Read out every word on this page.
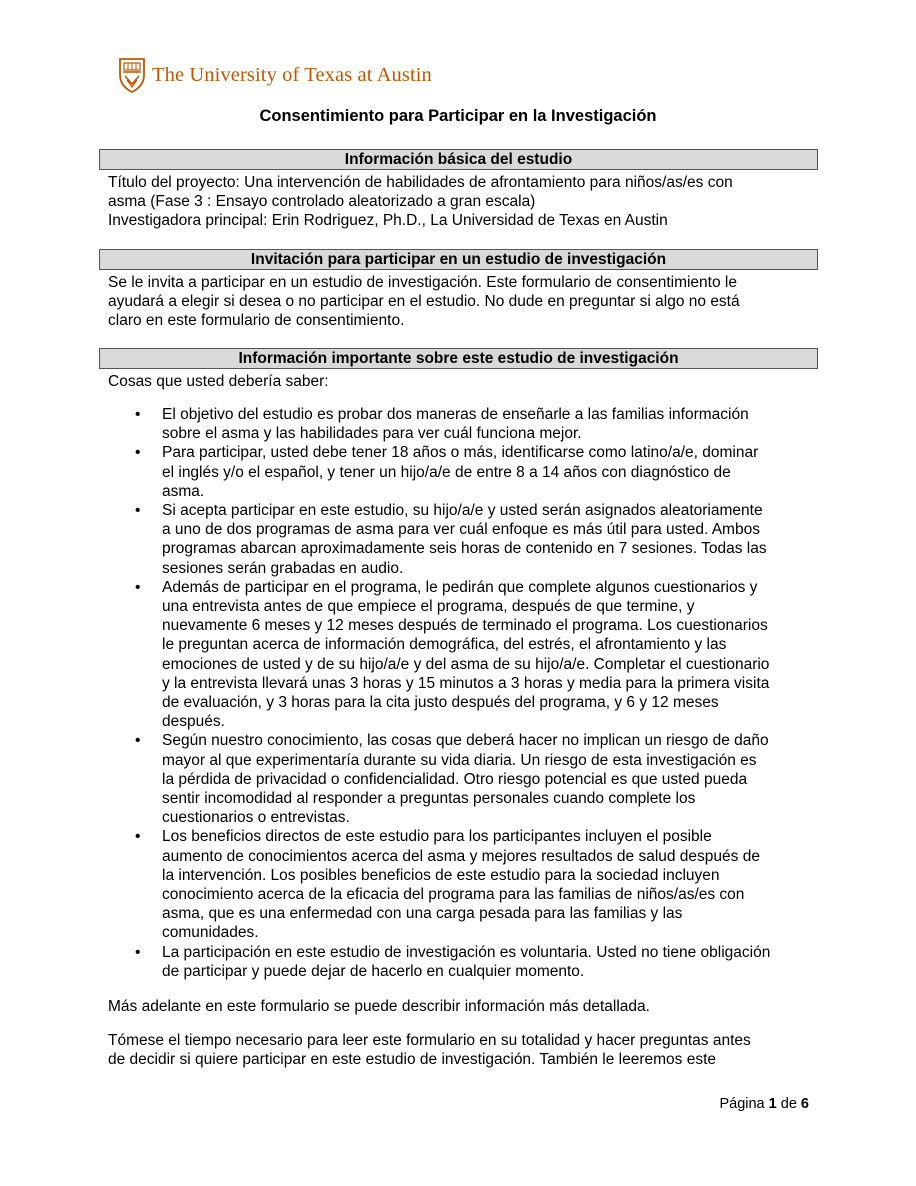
The University of Texas at Austin
Consentimiento para Participar en la Investigación
Información básica del estudio
Título del proyecto: Una intervención de habilidades de afrontamiento para niños/as/es con
asma (Fase 3 : Ensayo controlado aleatorizado a gran escala)
Investigadora principal: Erin Rodriguez, Ph.D., La Universidad de Texas en Austin
Invitación para participar en un estudio de investigación
Se le invita a participar en un estudio de investigación. Este formulario de consentimiento le
ayudará a elegir si desea o no participar en el estudio. No dude en preguntar si algo no está
claro en este formulario de consentimiento.
Información importante sobre este estudio de investigación
Cosas que usted debería saber:
• El objetivo del estudio es probar dos maneras de enseñarle a las familias información
sobre el asma y las habilidades para ver cuál funciona mejor.
• Para participar, usted debe tener 18 años o más, identificarse como latino/a/e, dominar
el inglés y/o el español, y tener un hijo/a/e de entre 8 a 14 años con diagnóstico de
asma.
• Si acepta participar en este estudio, su hijo/a/e y usted serán asignados aleatoriamente
a uno de dos programas de asma para ver cuál enfoque es más útil para usted. Ambos
programas abarcan aproximadamente seis horas de contenido en 7 sesiones. Todas las
sesiones serán grabadas en audio.
• Además de participar en el programa, le pedirán que complete algunos cuestionarios y
una entrevista antes de que empiece el programa, después de que termine, y
nuevamente 6 meses y 12 meses después de terminado el programa. Los cuestionarios
le preguntan acerca de información demográfica, del estrés, el afrontamiento y las
emociones de usted y de su hijo/a/e y del asma de su hijo/a/e. Completar el cuestionario
y la entrevista llevará unas 3 horas y 15 minutos a 3 horas y media para la primera visita
de evaluación, y 3 horas para la cita justo después del programa, y 6 y 12 meses
después.
• Según nuestro conocimiento, las cosas que deberá hacer no implican un riesgo de daño
mayor al que experimentaría durante su vida diaria. Un riesgo de esta investigación es
la pérdida de privacidad o confidencialidad. Otro riesgo potencial es que usted pueda
sentir incomodidad al responder a preguntas personales cuando complete los
cuestionarios o entrevistas.
• Los beneficios directos de este estudio para los participantes incluyen el posible
aumento de conocimientos acerca del asma y mejores resultados de salud después de
la intervención. Los posibles beneficios de este estudio para la sociedad incluyen
conocimiento acerca de la eficacia del programa para las familias de niños/as/es con
asma, que es una enfermedad con una carga pesada para las familias y las
comunidades.
• La participación en este estudio de investigación es voluntaria. Usted no tiene obligación
de participar y puede dejar de hacerlo en cualquier momento.
Más adelante en este formulario se puede describir información más detallada.
Tómese el tiempo necesario para leer este formulario en su totalidad y hacer preguntas antes
de decidir si quiere participar en este estudio de investigación. También le leeremos este
Página 1 de 6
